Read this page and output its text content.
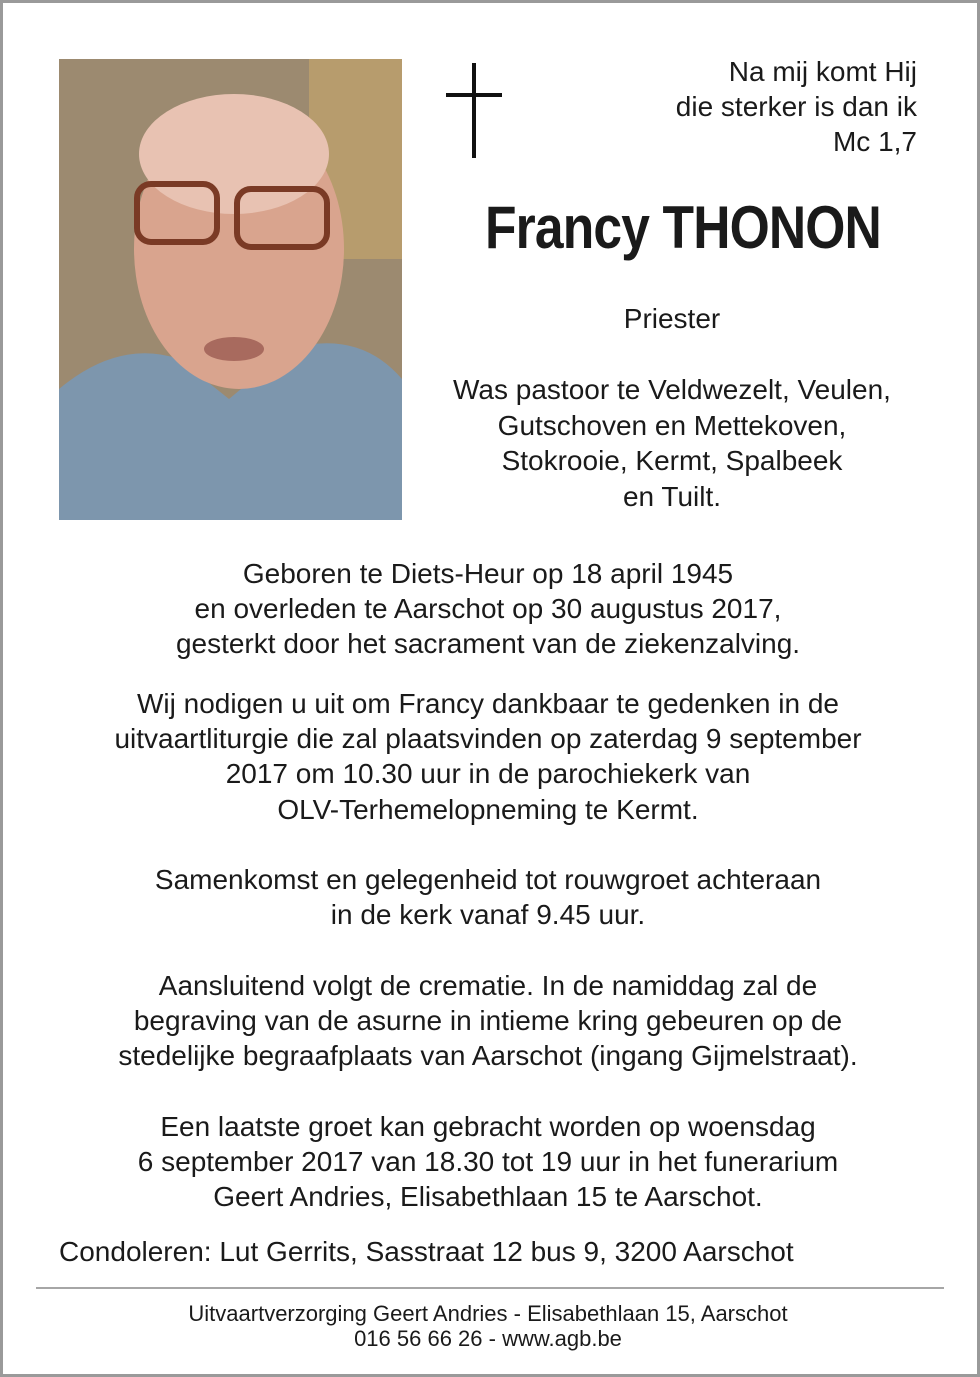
Na mij komt Hij
die sterker is dan ik
Mc 1,7
Francy THONON
Priester
Was pastoor te Veldwezelt, Veulen,
Gutschoven en Mettekoven,
Stokrooie, Kermt, Spalbeek
en Tuilt.
Geboren te Diets-Heur op 18 april 1945
en overleden te Aarschot op 30 augustus 2017,
gesterkt door het sacrament van de ziekenzalving.
Wij nodigen u uit om Francy dankbaar te gedenken in de
uitvaartliturgie die zal plaatsvinden op zaterdag 9 september
2017 om 10.30 uur in de parochiekerk van
OLV-Terhemelopneming te Kermt.
Samenkomst en gelegenheid tot rouwgroet achteraan
in de kerk vanaf 9.45 uur.
Aansluitend volgt de crematie. In de namiddag zal de
begraving van de asurne in intieme kring gebeuren op de
stedelijke begraafplaats van Aarschot (ingang Gijmelstraat).
Een laatste groet kan gebracht worden op woensdag
6 september 2017 van 18.30 tot 19 uur in het funerarium
Geert Andries, Elisabethlaan 15 te Aarschot.
Condoleren: Lut Gerrits, Sasstraat 12 bus 9, 3200 Aarschot
Uitvaartverzorging Geert Andries - Elisabethlaan 15, Aarschot
016 56 66 26 - www.agb.be
